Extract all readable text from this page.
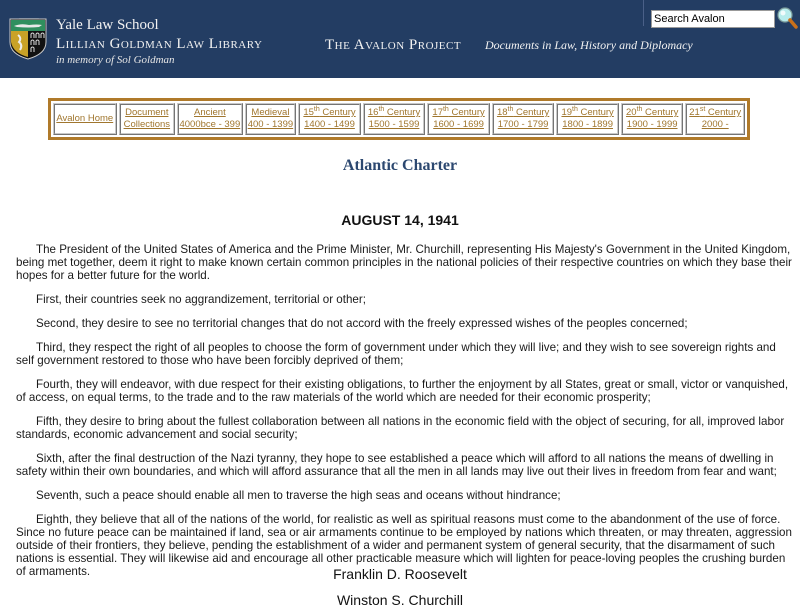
Yale Law School
Lillian Goldman Law Library
in memory of Sol Goldman
The Avalon Project Documents in Law, History and Diplomacy
Search Avalon
Avalon Home
Document
Collections
Ancient
4000bce - 399
Medieval
400 - 1399
15th Century
1400 - 1499
16th Century
1500 - 1599
17th Century
1600 - 1699
18th Century
1700 - 1799
19th Century
1800 - 1899
20th Century
1900 - 1999
21st Century
2000 -
Atlantic Charter
AUGUST 14, 1941

The President of the United States of America and the Prime Minister, Mr. Churchill, representing His Majesty's Government in the United Kingdom, being met together, deem it right to make known certain common principles in the national policies of their respective countries on which they base their hopes for a better future for the world.

First, their countries seek no aggrandizement, territorial or other;

Second, they desire to see no territorial changes that do not accord with the freely expressed wishes of the peoples concerned;

Third, they respect the right of all peoples to choose the form of government under which they will live; and they wish to see sovereign rights and self government restored to those who have been forcibly deprived of them;

Fourth, they will endeavor, with due respect for their existing obligations, to further the enjoyment by all States, great or small, victor or vanquished, of access, on equal terms, to the trade and to the raw materials of the world which are needed for their economic prosperity;

Fifth, they desire to bring about the fullest collaboration between all nations in the economic field with the object of securing, for all, improved labor standards, economic advancement and social security;

Sixth, after the final destruction of the Nazi tyranny, they hope to see established a peace which will afford to all nations the means of dwelling in safety within their own boundaries, and which will afford assurance that all the men in all lands may live out their lives in freedom from fear and want;

Seventh, such a peace should enable all men to traverse the high seas and oceans without hindrance;

Eighth, they believe that all of the nations of the world, for realistic as well as spiritual reasons must come to the abandonment of the use of force. Since no future peace can be maintained if land, sea or air armaments continue to be employed by nations which threaten, or may threaten, aggression outside of their frontiers, they believe, pending the establishment of a wider and permanent system of general security, that the disarmament of such nations is essential. They will likewise aid and encourage all other practicable measure which will lighten for peace-loving peoples the crushing burden of armaments.	Franklin D. Roosevelt
Winston S. Churchill
